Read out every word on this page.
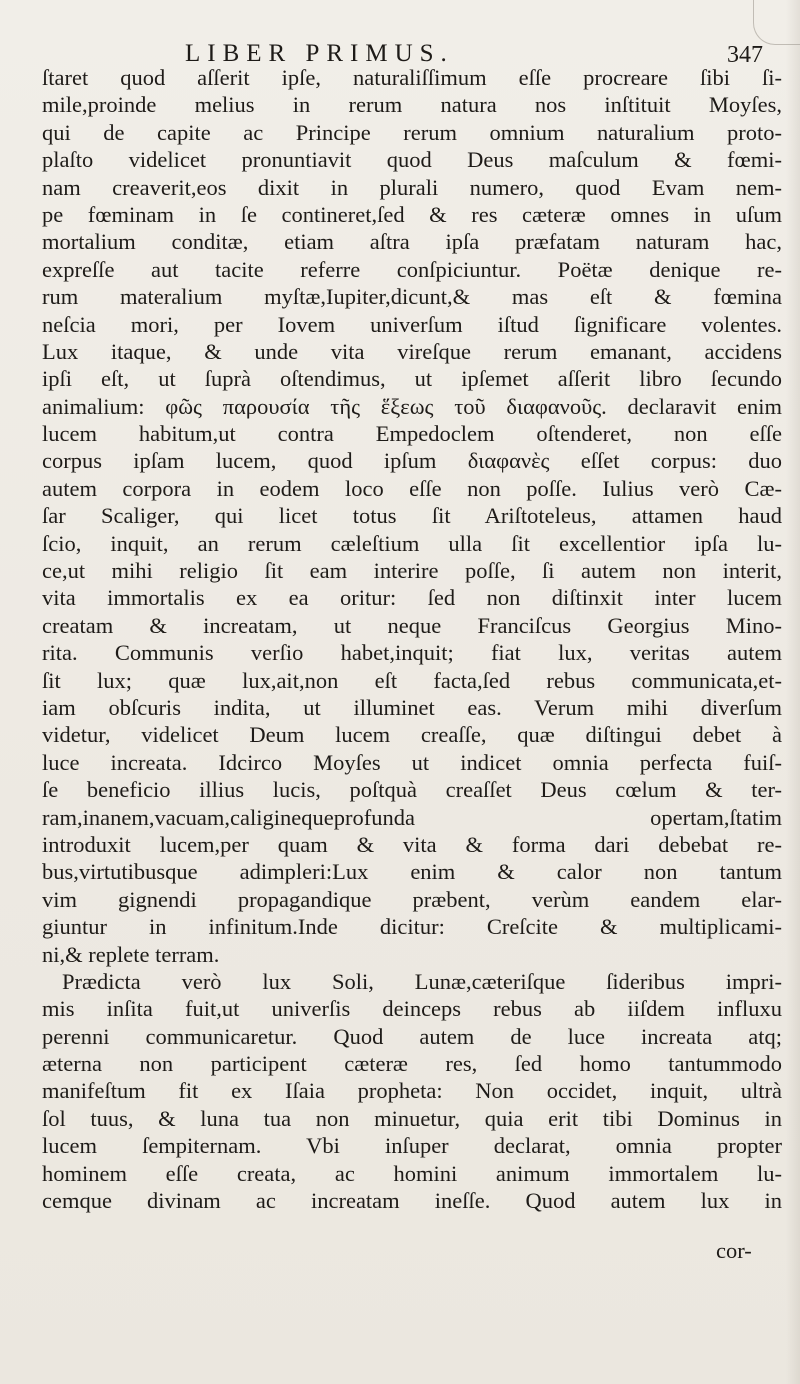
LIBER PRIMUS.	347
ſtaret quod aſſerit ipſe, naturaliſſimum eſſe procreare ſibi ſi-
mile,proinde melius in rerum natura nos inſtituit Moyſes,
qui de capite ac Principe rerum omnium naturalium proto-
plaſto videlicet pronuntiavit quod Deus maſculum & fœmi-
nam creaverit,eos dixit in plurali numero, quod Evam nem-
pe fœminam in ſe contineret,ſed & res cæteræ omnes in uſum
mortalium conditæ, etiam aſtra ipſa præfatam naturam hac,
expreſſe aut tacite referre conſpiciuntur. Poëtæ denique re-
rum materalium myſtæ,Iupiter,dicunt,& mas eſt & fœmina
neſcia mori, per Iovem univerſum iſtud ſignificare volentes.
Lux itaque, & unde vita vireſque rerum emanant, accidens
ipſi eſt, ut ſuprà oſtendimus, ut ipſemet aſſerit libro ſecundo
animalium: φῶς παρουσία τῆς ἕξεως τοῦ διαφανοῦς. declaravit enim
lucem habitum,ut contra Empedoclem oſtenderet, non eſſe
corpus ipſam lucem, quod ipſum διαφανὲς eſſet corpus: duo
autem corpora in eodem loco eſſe non poſſe. Iulius verò Cæ-
ſar Scaliger, qui licet totus ſit Ariſtoteleus, attamen haud
ſcio, inquit, an rerum cæleſtium ulla ſit excellentior ipſa lu-
ce,ut mihi religio ſit eam interire poſſe, ſi autem non interit,
vita immortalis ex ea oritur: ſed non diſtinxit inter lucem
creatam & increatam, ut neque Franciſcus Georgius Mino-
rita. Communis verſio habet,inquit; fiat lux, veritas autem
ſit lux; quæ lux,ait,non eſt facta,ſed rebus communicata,et-
iam obſcuris indita, ut illuminet eas. Verum mihi diverſum
videtur, videlicet Deum lucem creaſſe, quæ diſtingui debet à
luce increata. Idcirco Moyſes ut indicet omnia perfecta fuiſ-
ſe beneficio illius lucis, poſtquà creaſſet Deus cœlum & ter-
ram,inanem,vacuam,caliginequeprofunda opertam,ſtatim
introduxit lucem,per quam & vita & forma dari debebat re-
bus,virtutibusque adimpleri:Lux enim & calor non tantum
vim gignendi propagandique præbent, verùm eandem elar-
giuntur in infinitum.Inde dicitur: Creſcite & multiplicami-
ni,& replete terram.
Prædicta verò lux Soli, Lunæ,cæteriſque ſideribus impri-
mis inſita fuit,ut univerſis deinceps rebus ab iiſdem influxu
perenni communicaretur. Quod autem de luce increata atq;
æterna non participent cæteræ res, ſed homo tantummodo
manifeſtum fit ex Iſaia propheta: Non occidet, inquit, ultrà
ſol tuus, & luna tua non minuetur, quia erit tibi Dominus in
lucem ſempiternam. Vbi inſuper declarat, omnia propter
hominem eſſe creata, ac homini animum immortalem lu-
cemque divinam ac increatam ineſſe. Quod autem lux in
cor-
